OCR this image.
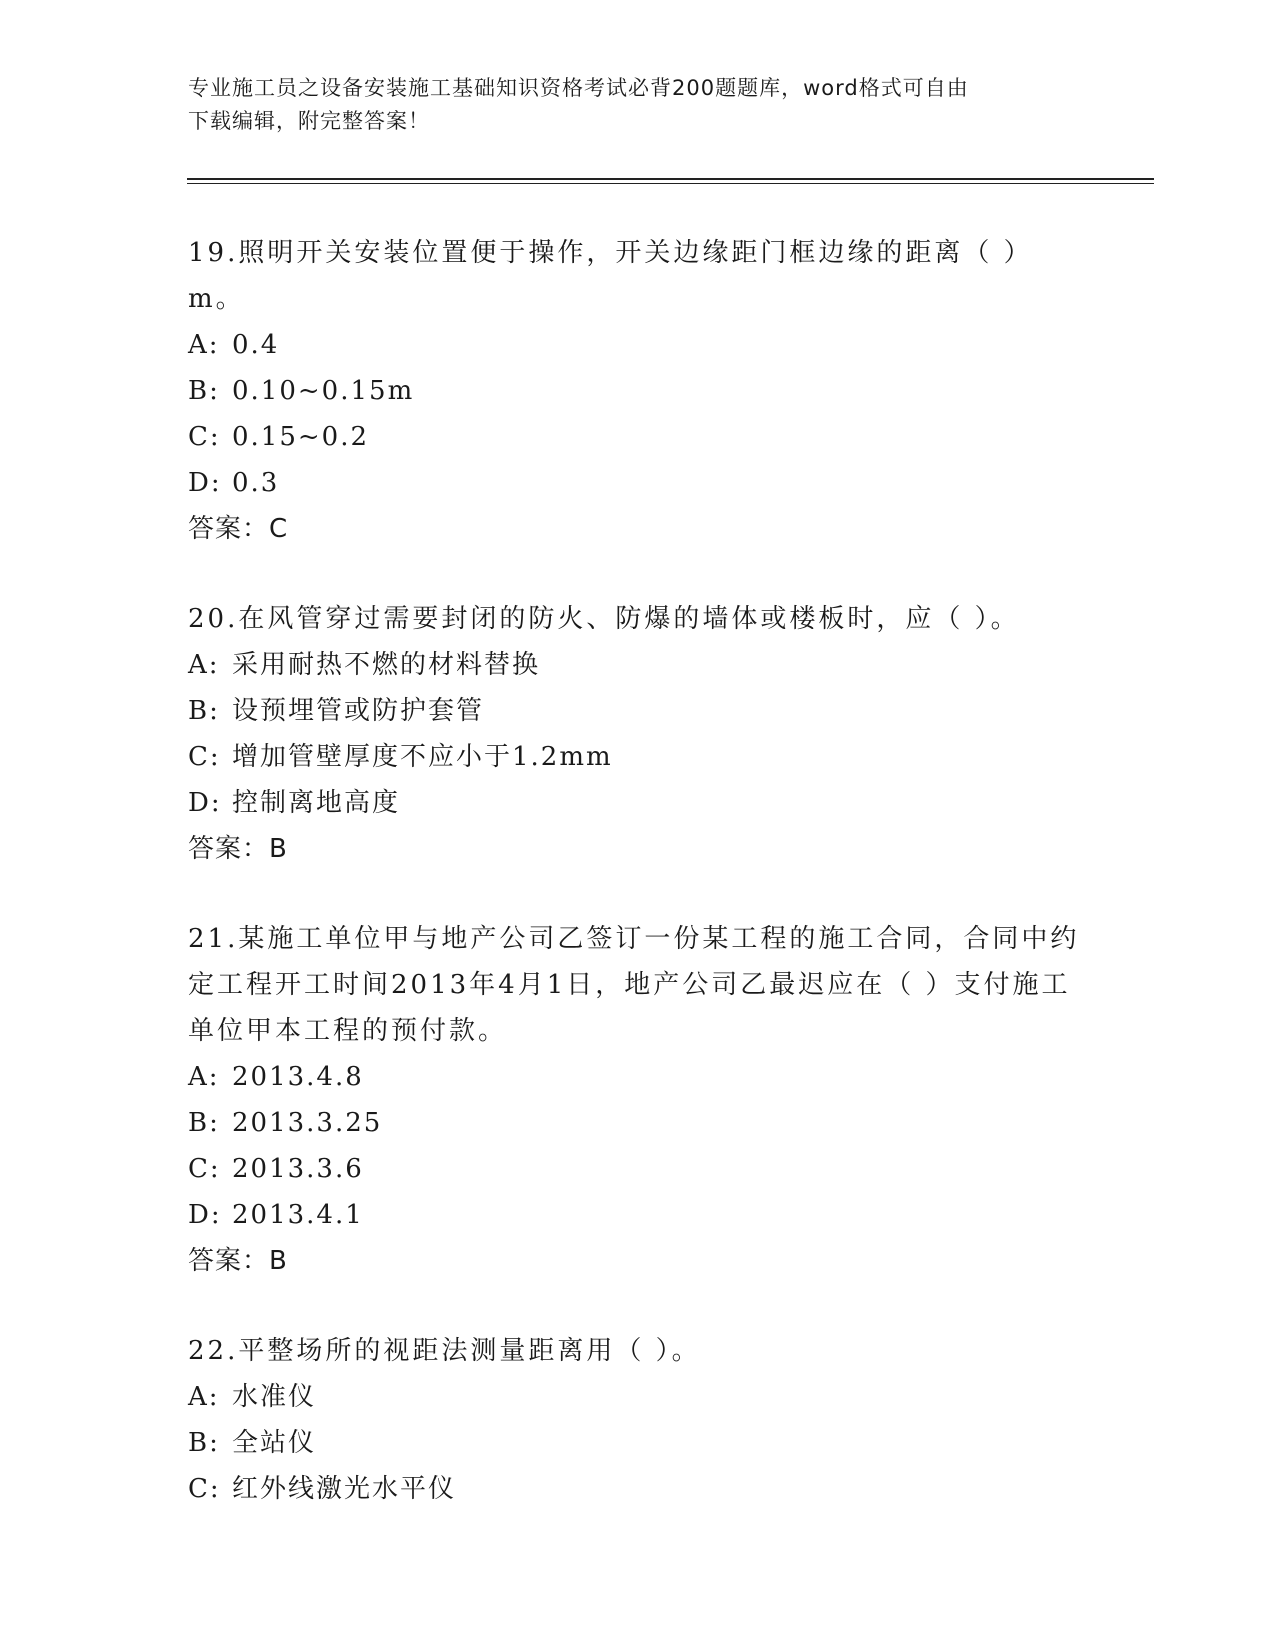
专业施工员之设备安装施工基础知识资格考试必背200题题库，word格式可自由
下载编辑，附完整答案！

19.照明开关安装位置便于操作，开关边缘距门框边缘的距离（ ）m。

A: 0.4
B: 0.10~0.15m
C: 0.15~0.2
D: 0.3
答案：C

20.在风管穿过需要封闭的防火、防爆的墙体或楼板时，应（ ）。

A: 采用耐热不燃的材料替换
B: 设预埋管或防护套管
C: 增加管壁厚度不应小于1.2mm
D: 控制离地高度
答案：B

21.某施工单位甲与地产公司乙签订一份某工程的施工合同，合同中约定工程开工时间2013年4月1日，地产公司乙最迟应在（ ）支付施工单位甲本工程的预付款。

A: 2013.4.8
B: 2013.3.25
C: 2013.3.6
D: 2013.4.1
答案：B

22.平整场所的视距法测量距离用（ ）。

A: 水准仪
B: 全站仪
C: 红外线激光水平仪
